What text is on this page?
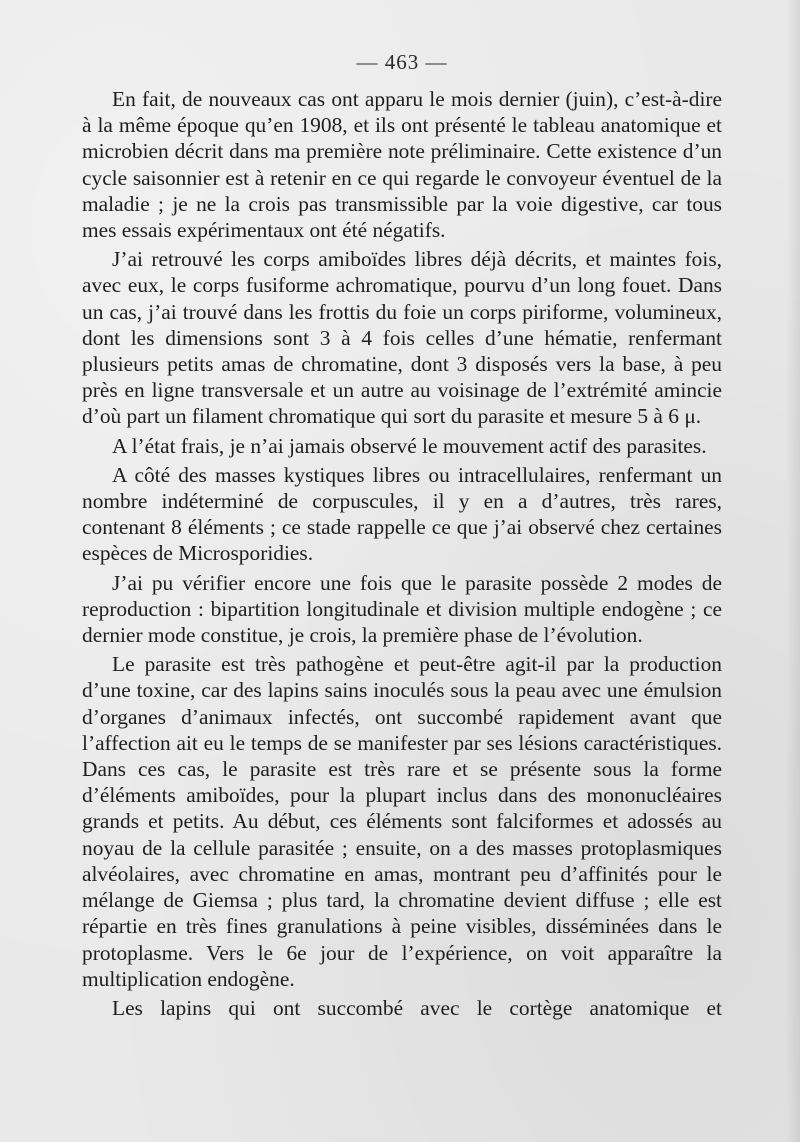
— 463 —

En fait, de nouveaux cas ont apparu le mois dernier (juin), c’est-à-dire à la même époque qu’en 1908, et ils ont présenté le tableau anatomique et microbien décrit dans ma première note préliminaire. Cette existence d’un cycle saisonnier est à retenir en ce qui regarde le convoyeur éventuel de la maladie ; je ne la crois pas transmissible par la voie digestive, car tous mes essais expérimentaux ont été négatifs.

J’ai retrouvé les corps amiboïdes libres déjà décrits, et maintes fois, avec eux, le corps fusiforme achromatique, pourvu d’un long fouet. Dans un cas, j’ai trouvé dans les frottis du foie un corps piriforme, volumineux, dont les dimensions sont 3 à 4 fois celles d’une hématie, renfermant plusieurs petits amas de chromatine, dont 3 disposés vers la base, à peu près en ligne transversale et un autre au voisinage de l’extrémité amincie d’où part un filament chromatique qui sort du parasite et mesure 5 à 6 μ.

A l’état frais, je n’ai jamais observé le mouvement actif des parasites.

A côté des masses kystiques libres ou intracellulaires, renfermant un nombre indéterminé de corpuscules, il y en a d’autres, très rares, contenant 8 éléments ; ce stade rappelle ce que j’ai observé chez certaines espèces de Microsporidies.

J’ai pu vérifier encore une fois que le parasite possède 2 modes de reproduction : bipartition longitudinale et division multiple endogène ; ce dernier mode constitue, je crois, la première phase de l’évolution.

Le parasite est très pathogène et peut-être agit-il par la production d’une toxine, car des lapins sains inoculés sous la peau avec une émulsion d’organes d’animaux infectés, ont succombé rapidement avant que l’affection ait eu le temps de se manifester par ses lésions caractéristiques. Dans ces cas, le parasite est très rare et se présente sous la forme d’éléments amiboïdes, pour la plupart inclus dans des mononucléaires grands et petits. Au début, ces éléments sont falciformes et adossés au noyau de la cellule parasitée ; ensuite, on a des masses protoplasmiques alvéolaires, avec chromatine en amas, montrant peu d’affinités pour le mélange de Giemsa ; plus tard, la chromatine devient diffuse ; elle est répartie en très fines granulations à peine visibles, disséminées dans le protoplasme. Vers le 6e jour de l’expérience, on voit apparaître la multiplication endogène.

Les lapins qui ont succombé avec le cortège anatomique et
